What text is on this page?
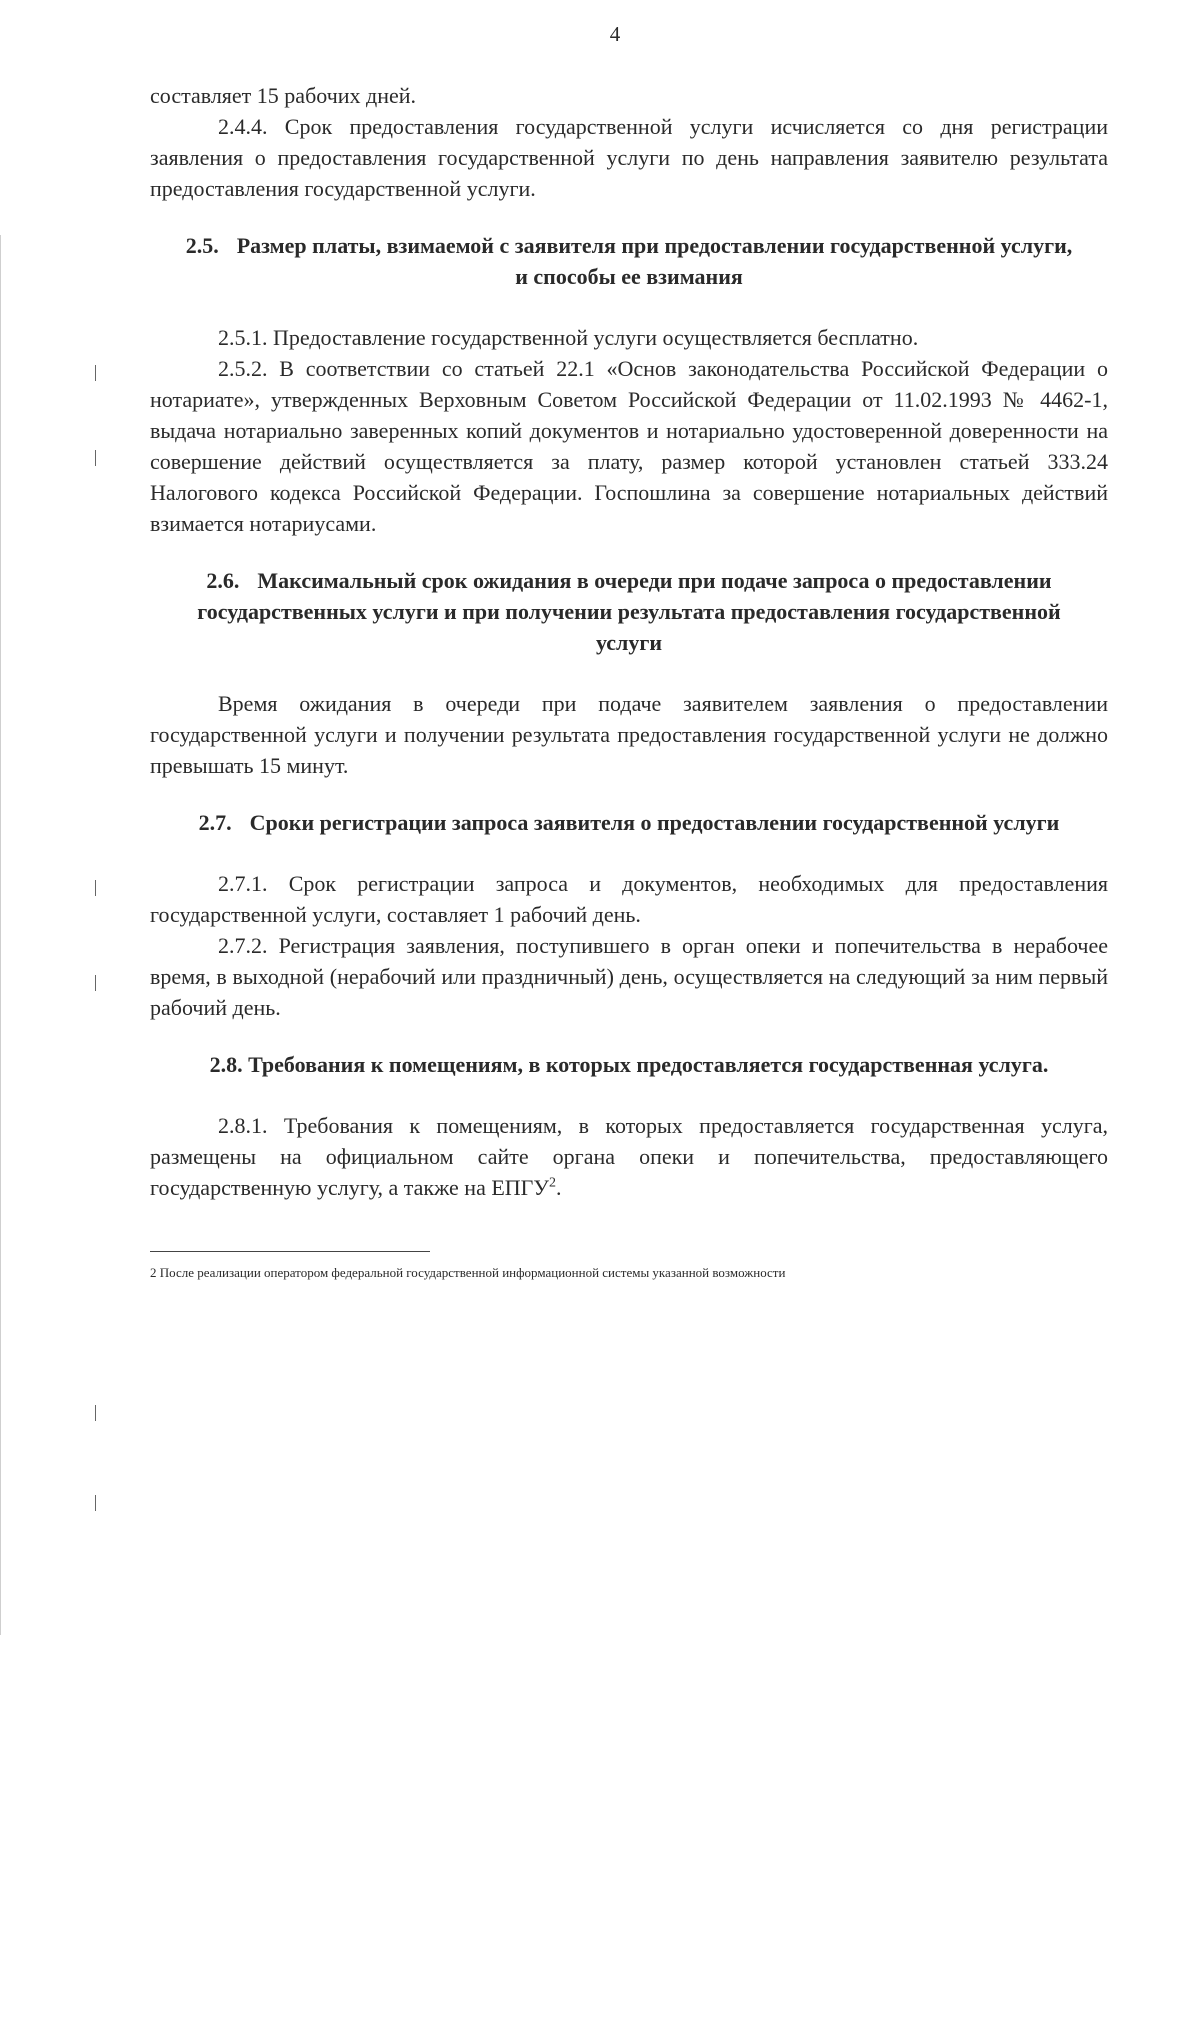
4

составляет 15 рабочих дней.

2.4.4. Срок предоставления государственной услуги исчисляется со дня регистрации заявления о предоставления государственной услуги по день направления заявителю результата предоставления государственной услуги.

2.5. Размер платы, взимаемой с заявителя при предоставлении государственной услуги, и способы ее взимания

2.5.1. Предоставление государственной услуги осуществляется бесплатно.

2.5.2. В соответствии со статьей 22.1 «Основ законодательства Российской Федерации о нотариате», утвержденных Верховным Советом Российской Федерации от 11.02.1993 № 4462-1, выдача нотариально заверенных копий документов и нотариально удостоверенной доверенности на совершение действий осуществляется за плату, размер которой установлен статьей 333.24 Налогового кодекса Российской Федерации. Госпошлина за совершение нотариальных действий взимается нотариусами.

2.6. Максимальный срок ожидания в очереди при подаче запроса о предоставлении государственных услуги и при получении результата предоставления государственной услуги

Время ожидания в очереди при подаче заявителем заявления о предоставлении государственной услуги и получении результата предоставления государственной услуги не должно превышать 15 минут.

2.7. Сроки регистрации запроса заявителя о предоставлении государственной услуги

2.7.1. Срок регистрации запроса и документов, необходимых для предоставления государственной услуги, составляет 1 рабочий день.

2.7.2. Регистрация заявления, поступившего в орган опеки и попечительства в нерабочее время, в выходной (нерабочий или праздничный) день, осуществляется на следующий за ним первый рабочий день.

2.8. Требования к помещениям, в которых предоставляется государственная услуга.

2.8.1. Требования к помещениям, в которых предоставляется государственная услуга, размещены на официальном сайте органа опеки и попечительства, предоставляющего государственную услугу, а также на ЕПГУ$^2$.

2 После реализации оператором федеральной государственной информационной системы указанной возможности
